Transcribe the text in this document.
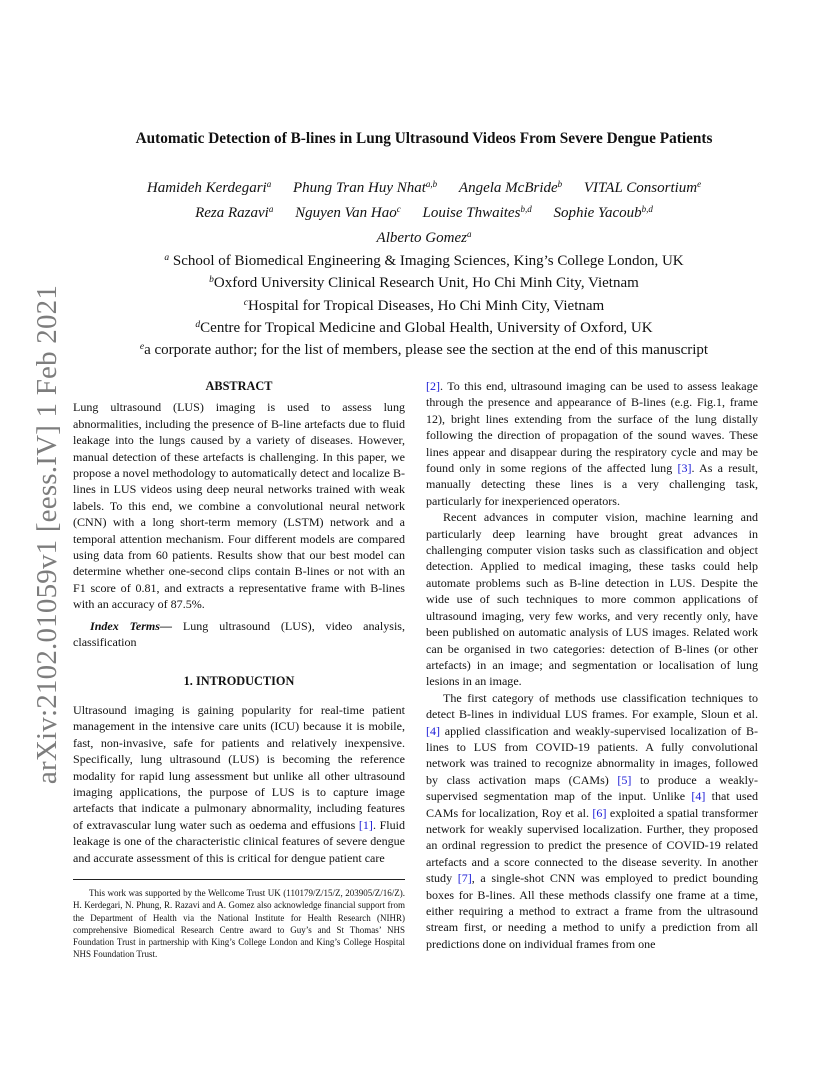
arXiv:2102.01059v1 [eess.IV] 1 Feb 2021
Automatic Detection of B-lines in Lung Ultrasound Videos From Severe Dengue Patients
Hamideh Kerdegari$^a$ Phung Tran Huy Nhat$^{a,b}$ Angela McBride$^b$ VITAL Consortium$^e$
Reza Razavi$^a$ Nguyen Van Hao$^c$ Louise Thwaites$^{b,d}$ Sophie Yacoub$^{b,d}$
Alberto Gomez$^a$
$^a$ School of Biomedical Engineering & Imaging Sciences, King’s College London, UK
$^b$Oxford University Clinical Research Unit, Ho Chi Minh City, Vietnam
$^c$Hospital for Tropical Diseases, Ho Chi Minh City, Vietnam
$^d$Centre for Tropical Medicine and Global Health, University of Oxford, UK
$^e$a corporate author; for the list of members, please see the section at the end of this manuscript
ABSTRACT

Lung ultrasound (LUS) imaging is used to assess lung abnormalities, including the presence of B-line artefacts due to fluid leakage into the lungs caused by a variety of diseases. However, manual detection of these artefacts is challenging. In this paper, we propose a novel methodology to automatically detect and localize B-lines in LUS videos using deep neural networks trained with weak labels. To this end, we combine a convolutional neural network (CNN) with a long short-term memory (LSTM) network and a temporal attention mechanism. Four different models are compared using data from 60 patients. Results show that our best model can determine whether one-second clips contain B-lines or not with an F1 score of 0.81, and extracts a representative frame with B-lines with an accuracy of 87.5%.

Index Terms— Lung ultrasound (LUS), video analysis, classification

1. INTRODUCTION

Ultrasound imaging is gaining popularity for real-time patient management in the intensive care units (ICU) because it is mobile, fast, non-invasive, safe for patients and relatively inexpensive. Specifically, lung ultrasound (LUS) is becoming the reference modality for rapid lung assessment but unlike all other ultrasound imaging applications, the purpose of LUS is to capture image artefacts that indicate a pulmonary abnormality, including features of extravascular lung water such as oedema and effusions [1]. Fluid leakage is one of the characteristic clinical features of severe dengue and accurate assessment of this is critical for dengue patient care

This work was supported by the Wellcome Trust UK (110179/Z/15/Z, 203905/Z/16/Z). H. Kerdegari, N. Phung, R. Razavi and A. Gomez also acknowledge financial support from the Department of Health via the National Institute for Health Research (NIHR) comprehensive Biomedical Research Centre award to Guy’s and St Thomas’ NHS Foundation Trust in partnership with King’s College London and King’s College Hospital NHS Foundation Trust.

[2]. To this end, ultrasound imaging can be used to assess leakage through the presence and appearance of B-lines (e.g. Fig.1, frame 12), bright lines extending from the surface of the lung distally following the direction of propagation of the sound waves. These lines appear and disappear during the respiratory cycle and may be found only in some regions of the affected lung [3]. As a result, manually detecting these lines is a very challenging task, particularly for inexperienced operators.

Recent advances in computer vision, machine learning and particularly deep learning have brought great advances in challenging computer vision tasks such as classification and object detection. Applied to medical imaging, these tasks could help automate problems such as B-line detection in LUS. Despite the wide use of such techniques to more common applications of ultrasound imaging, very few works, and very recently only, have been published on automatic analysis of LUS images. Related work can be organised in two categories: detection of B-lines (or other artefacts) in an image; and segmentation or localisation of lung lesions in an image.

The first category of methods use classification techniques to detect B-lines in individual LUS frames. For example, Sloun et al. [4] applied classification and weakly-supervised localization of B-lines to LUS from COVID-19 patients. A fully convolutional network was trained to recognize abnormality in images, followed by class activation maps (CAMs) [5] to produce a weakly-supervised segmentation map of the input. Unlike [4] that used CAMs for localization, Roy et al. [6] exploited a spatial transformer network for weakly supervised localization. Further, they proposed an ordinal regression to predict the presence of COVID-19 related artefacts and a score connected to the disease severity. In another study [7], a single-shot CNN was employed to predict bounding boxes for B-lines. All these methods classify one frame at a time, either requiring a method to extract a frame from the ultrasound stream first, or needing a method to unify a prediction from all predictions done on individual frames from one
